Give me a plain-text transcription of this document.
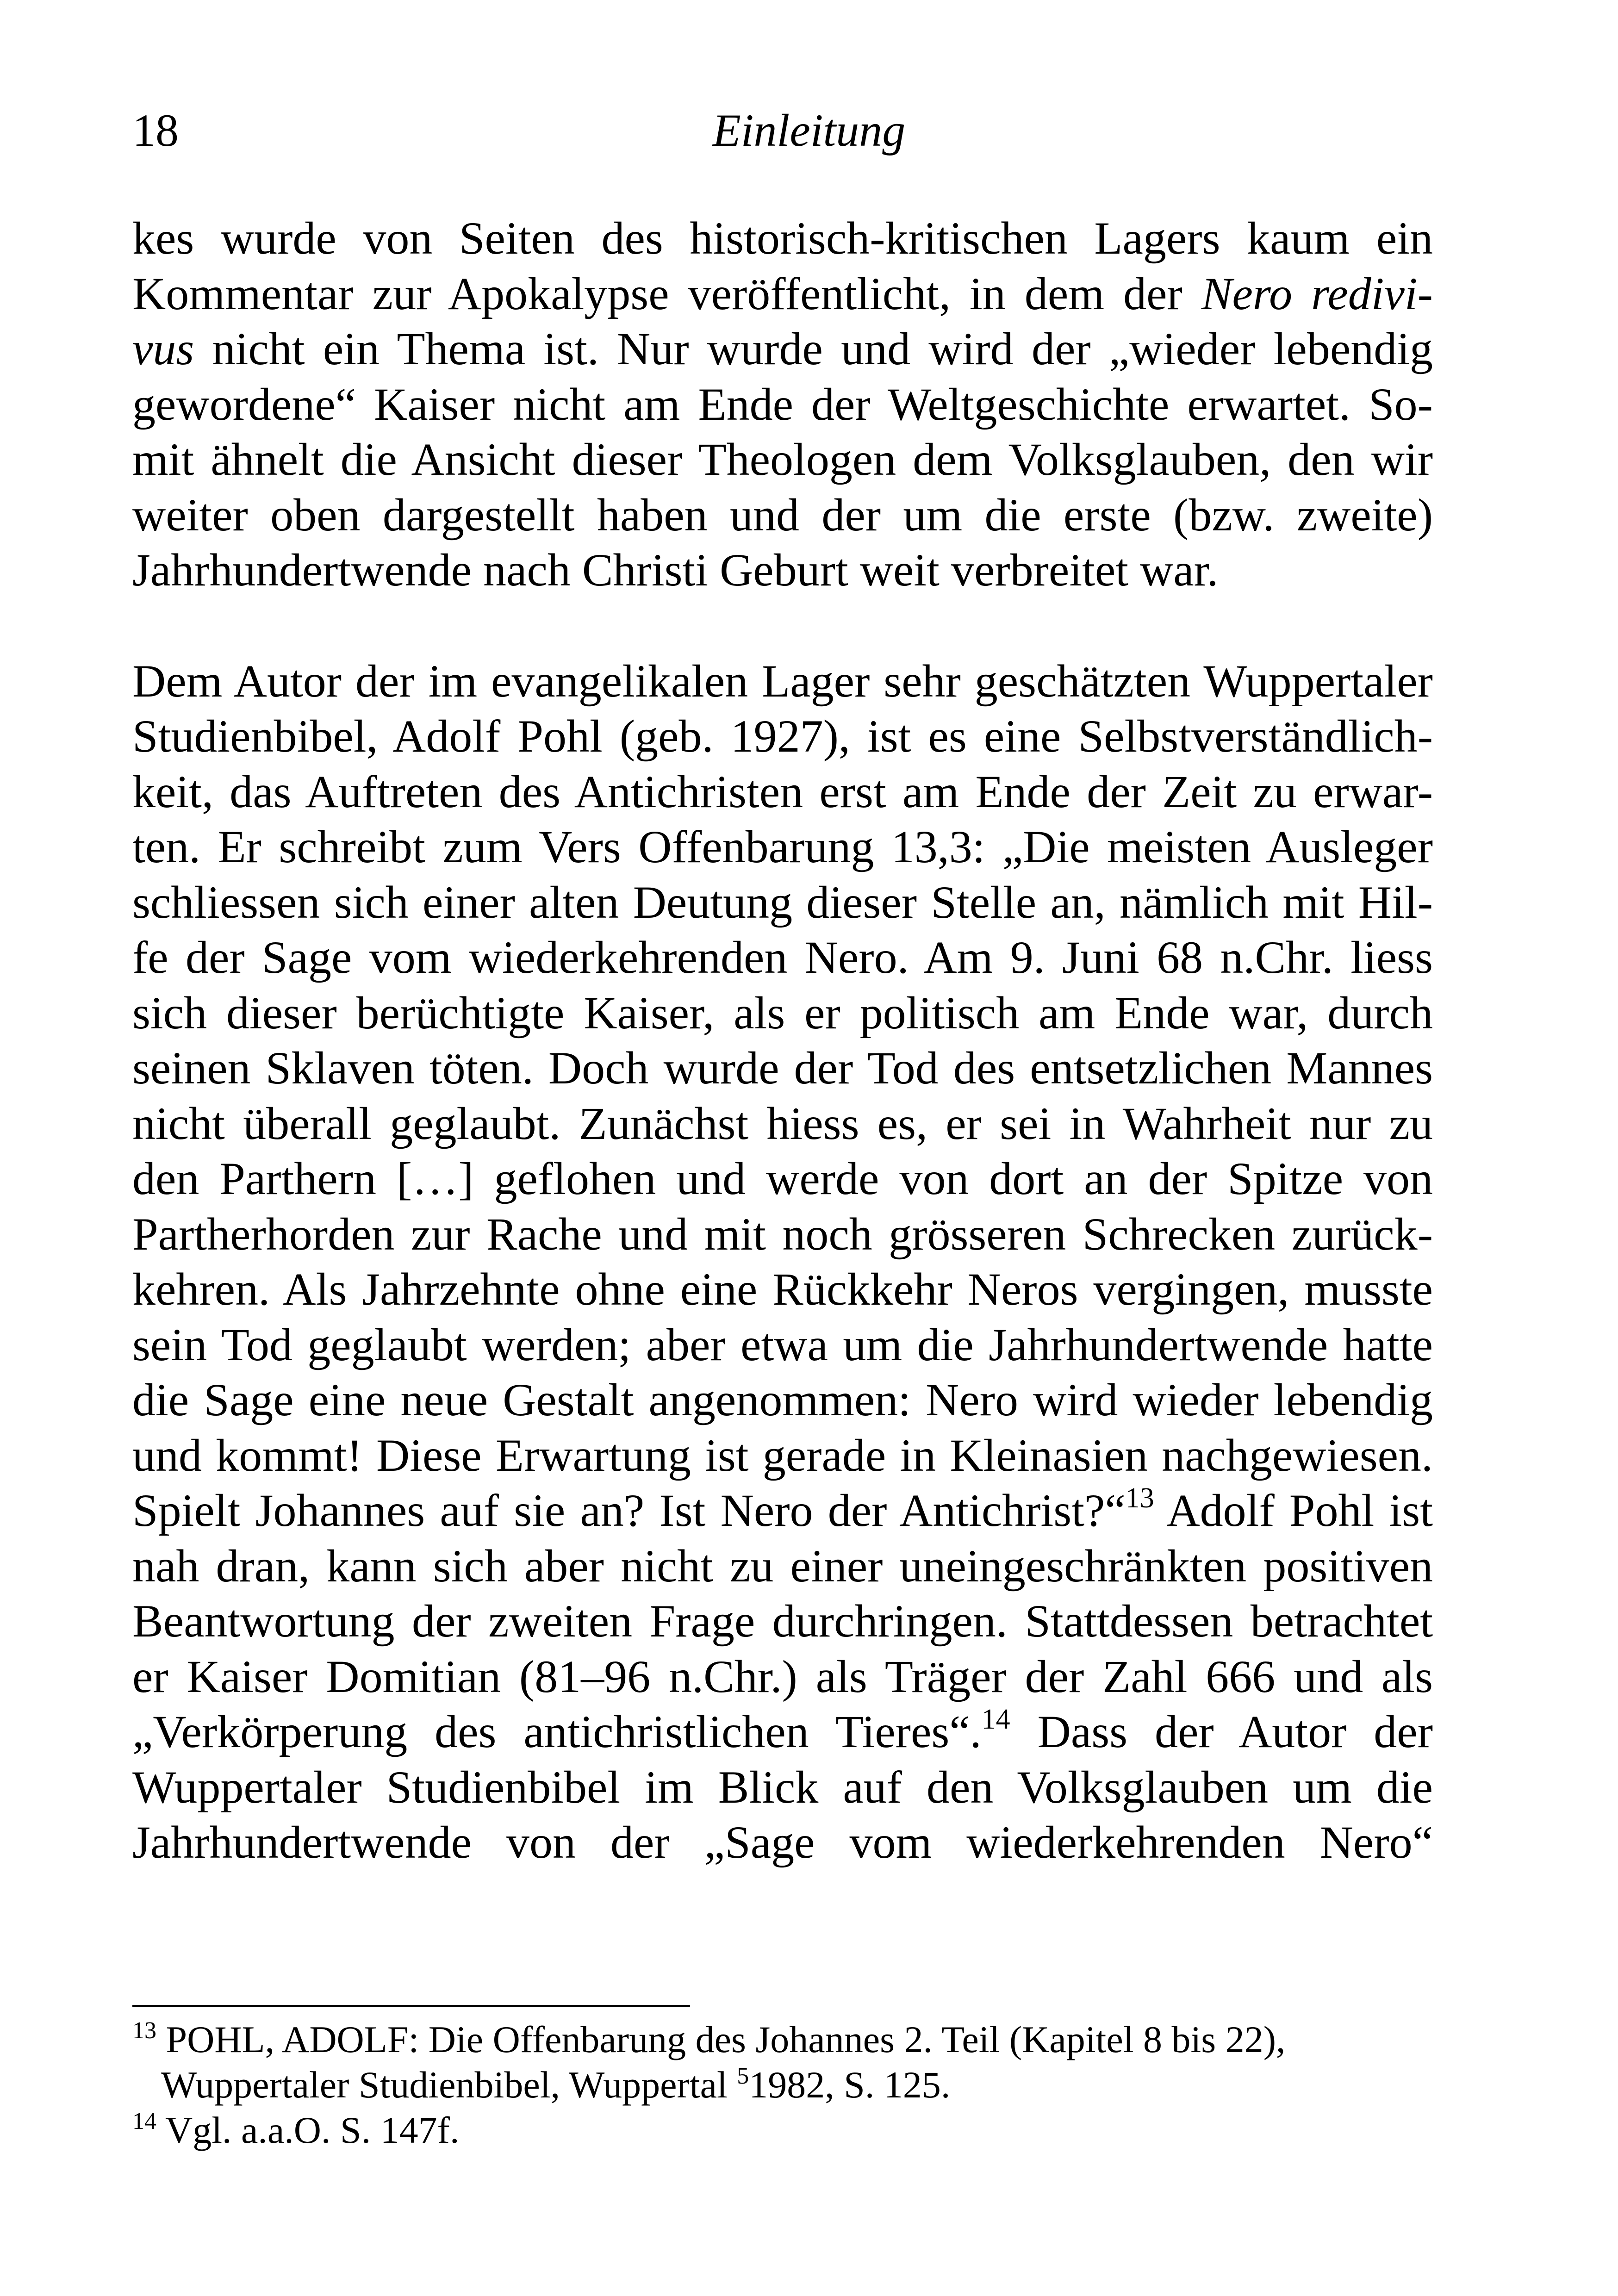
18	Einleitung
kes wurde von Seiten des historisch-kritischen Lagers kaum ein
Kommentar zur Apokalypse veröffentlicht, in dem der Nero redivi-
vus nicht ein Thema ist. Nur wurde und wird der „wieder lebendig
gewordene“ Kaiser nicht am Ende der Weltgeschichte erwartet. So-
mit ähnelt die Ansicht dieser Theologen dem Volksglauben, den wir
weiter oben dargestellt haben und der um die erste (bzw. zweite)
Jahrhundertwende nach Christi Geburt weit verbreitet war.
Dem Autor der im evangelikalen Lager sehr geschätzten Wuppertaler
Studienbibel, Adolf Pohl (geb. 1927), ist es eine Selbstverständlich-
keit, das Auftreten des Antichristen erst am Ende der Zeit zu erwar-
ten. Er schreibt zum Vers Offenbarung 13,3: „Die meisten Ausleger
schliessen sich einer alten Deutung dieser Stelle an, nämlich mit Hil-
fe der Sage vom wiederkehrenden Nero. Am 9. Juni 68 n.Chr. liess
sich dieser berüchtigte Kaiser, als er politisch am Ende war, durch
seinen Sklaven töten. Doch wurde der Tod des entsetzlichen Mannes
nicht überall geglaubt. Zunächst hiess es, er sei in Wahrheit nur zu
den Parthern […] geflohen und werde von dort an der Spitze von
Partherhorden zur Rache und mit noch grösseren Schrecken zurück-
kehren. Als Jahrzehnte ohne eine Rückkehr Neros vergingen, musste
sein Tod geglaubt werden; aber etwa um die Jahrhundertwende hatte
die Sage eine neue Gestalt angenommen: Nero wird wieder lebendig
und kommt! Diese Erwartung ist gerade in Kleinasien nachgewiesen.
Spielt Johannes auf sie an? Ist Nero der Antichrist?“$^{13}$ Adolf Pohl ist
nah dran, kann sich aber nicht zu einer uneingeschränkten positiven
Beantwortung der zweiten Frage durchringen. Stattdessen betrachtet
er Kaiser Domitian (81–96 n.Chr.) als Träger der Zahl 666 und als
„Verkörperung des antichristlichen Tieres“.$^{14}$ Dass der Autor der
Wuppertaler Studienbibel im Blick auf den Volksglauben um die
Jahrhundertwende von der „Sage vom wiederkehrenden Nero“
$^{13}$ POHL, ADOLF: Die Offenbarung des Johannes 2. Teil (Kapitel 8 bis 22),
Wuppertaler Studienbibel, Wuppertal $^5$1982, S. 125.
$^{14}$ Vgl. a.a.O. S. 147f.
